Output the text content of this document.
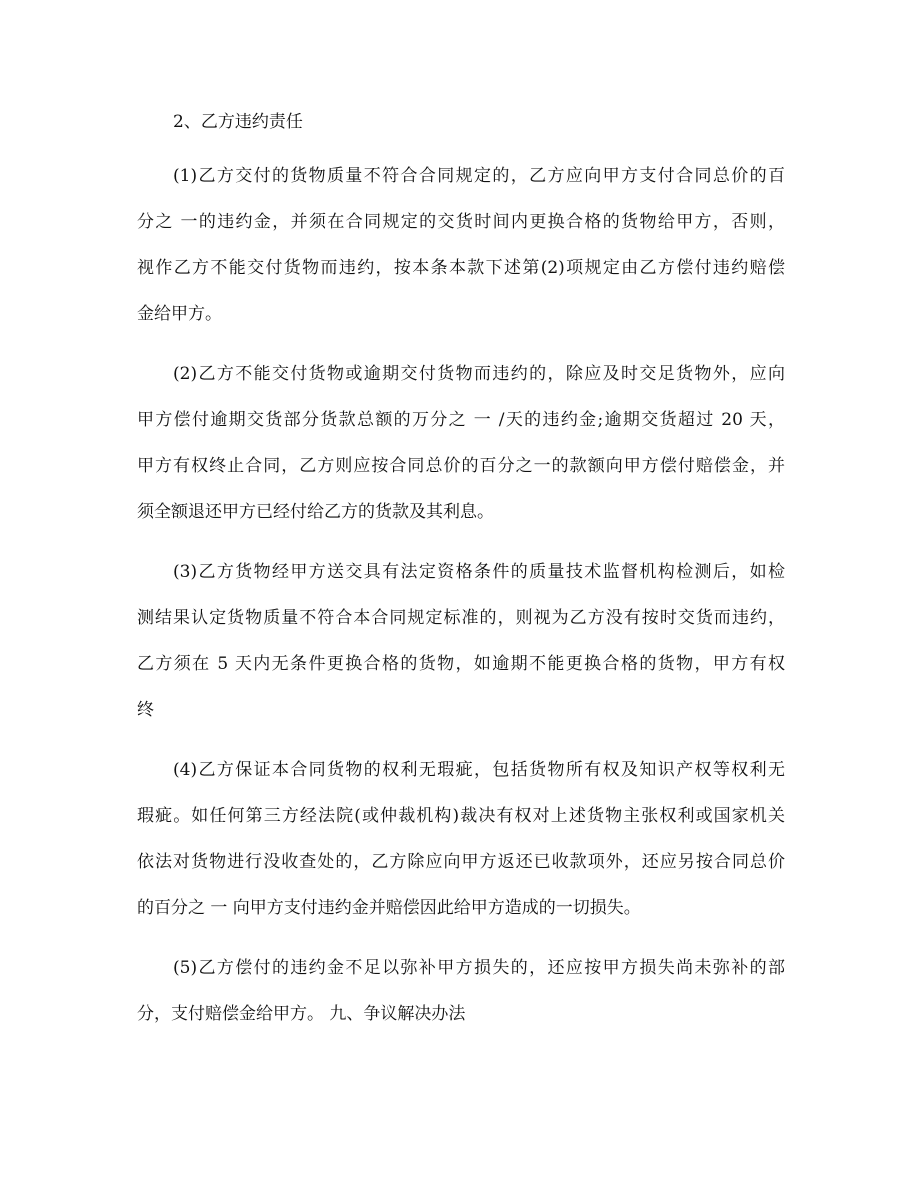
2、乙方违约责任
(1)乙方交付的货物质量不符合合同规定的，乙方应向甲方支付合同总价的百
分之 一的违约金，并须在合同规定的交货时间内更换合格的货物给甲方，否则，
视作乙方不能交付货物而违约，按本条本款下述第(2)项规定由乙方偿付违约赔偿
金给甲方。
(2)乙方不能交付货物或逾期交付货物而违约的，除应及时交足货物外，应向
甲方偿付逾期交货部分货款总额的万分之 一 /天的违约金;逾期交货超过 20 天，
甲方有权终止合同，乙方则应按合同总价的百分之一的款额向甲方偿付赔偿金，并
须全额退还甲方已经付给乙方的货款及其利息。
(3)乙方货物经甲方送交具有法定资格条件的质量技术监督机构检测后，如检
测结果认定货物质量不符合本合同规定标准的，则视为乙方没有按时交货而违约，
乙方须在 5 天内无条件更换合格的货物，如逾期不能更换合格的货物，甲方有权
终
(4)乙方保证本合同货物的权利无瑕疵，包括货物所有权及知识产权等权利无
瑕疵。如任何第三方经法院(或仲裁机构)裁决有权对上述货物主张权利或国家机关
依法对货物进行没收查处的，乙方除应向甲方返还已收款项外，还应另按合同总价
的百分之 一 向甲方支付违约金并赔偿因此给甲方造成的一切损失。
(5)乙方偿付的违约金不足以弥补甲方损失的，还应按甲方损失尚未弥补的部
分，支付赔偿金给甲方。 九、争议解决办法
